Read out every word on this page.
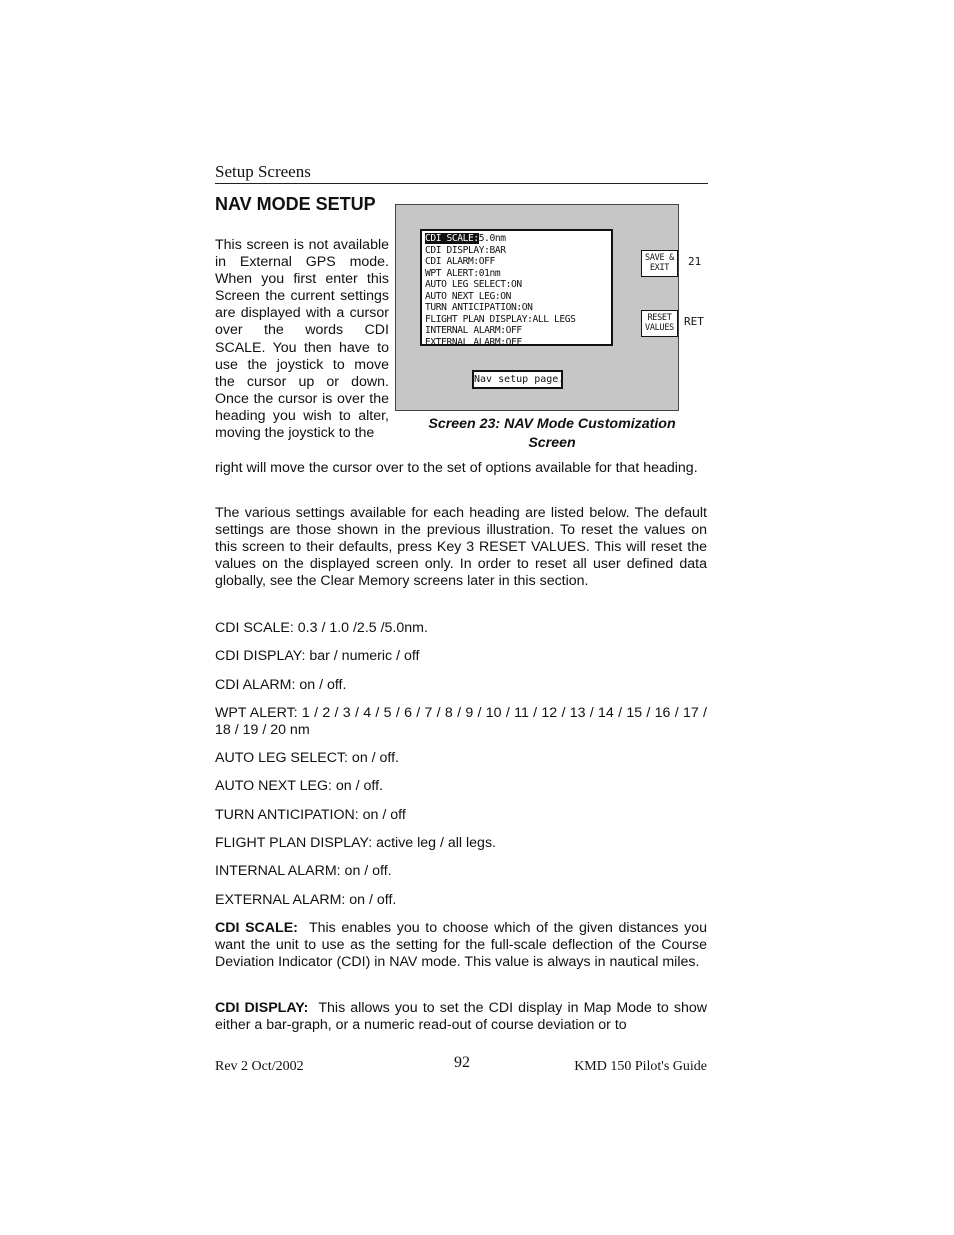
Setup Screens
NAV MODE SETUP
This screen is not available in External GPS mode. When you first enter this Screen the current settings are displayed with a cursor over the words CDI SCALE. You then have to use the joystick to move the cursor up or down. Once the cursor is over the heading you wish to alter, moving the joystick to the
CDI SCALE:5.0nm
CDI DISPLAY:BAR
CDI ALARM:OFF
WPT ALERT:01nm
AUTO LEG SELECT:ON
AUTO NEXT LEG:ON
TURN ANTICIPATION:ON
FLIGHT PLAN DISPLAY:ALL LEGS
INTERNAL ALARM:OFF
EXTERNAL ALARM:OFF
Nav setup page.
SAVE &
EXIT
RESET
VALUES
21
RET
Screen 23: NAV Mode Customization
Screen
right will move the cursor over to the set of options available for that heading.
The various settings available for each heading are listed below. The default settings are those shown in the previous illustration. To reset the values on this screen to their defaults, press Key 3 RESET VALUES. This will reset the values on the displayed screen only. In order to reset all user defined data globally, see the Clear Memory screens later in this section.
CDI SCALE: 0.3 / 1.0 /2.5 /5.0nm.
CDI DISPLAY: bar / numeric / off
CDI ALARM: on / off.
WPT ALERT: 1 / 2 / 3 / 4 / 5 / 6 / 7 / 8 / 9 / 10 / 11 / 12 / 13 / 14 / 15 / 16 / 17 / 18 / 19 / 20 nm
AUTO LEG SELECT: on / off.
AUTO NEXT LEG: on / off.
TURN ANTICIPATION: on / off
FLIGHT PLAN DISPLAY: active leg / all legs.
INTERNAL ALARM: on / off.
EXTERNAL ALARM: on / off.
CDI SCALE: This enables you to choose which of the given distances you want the unit to use as the setting for the full-scale deflection of the Course Deviation Indicator (CDI) in NAV mode. This value is always in nautical miles.
CDI DISPLAY: This allows you to set the CDI display in Map Mode to show either a bar-graph, or a numeric read-out of course deviation or to
Rev 2 Oct/2002	92	KMD 150 Pilot's Guide
